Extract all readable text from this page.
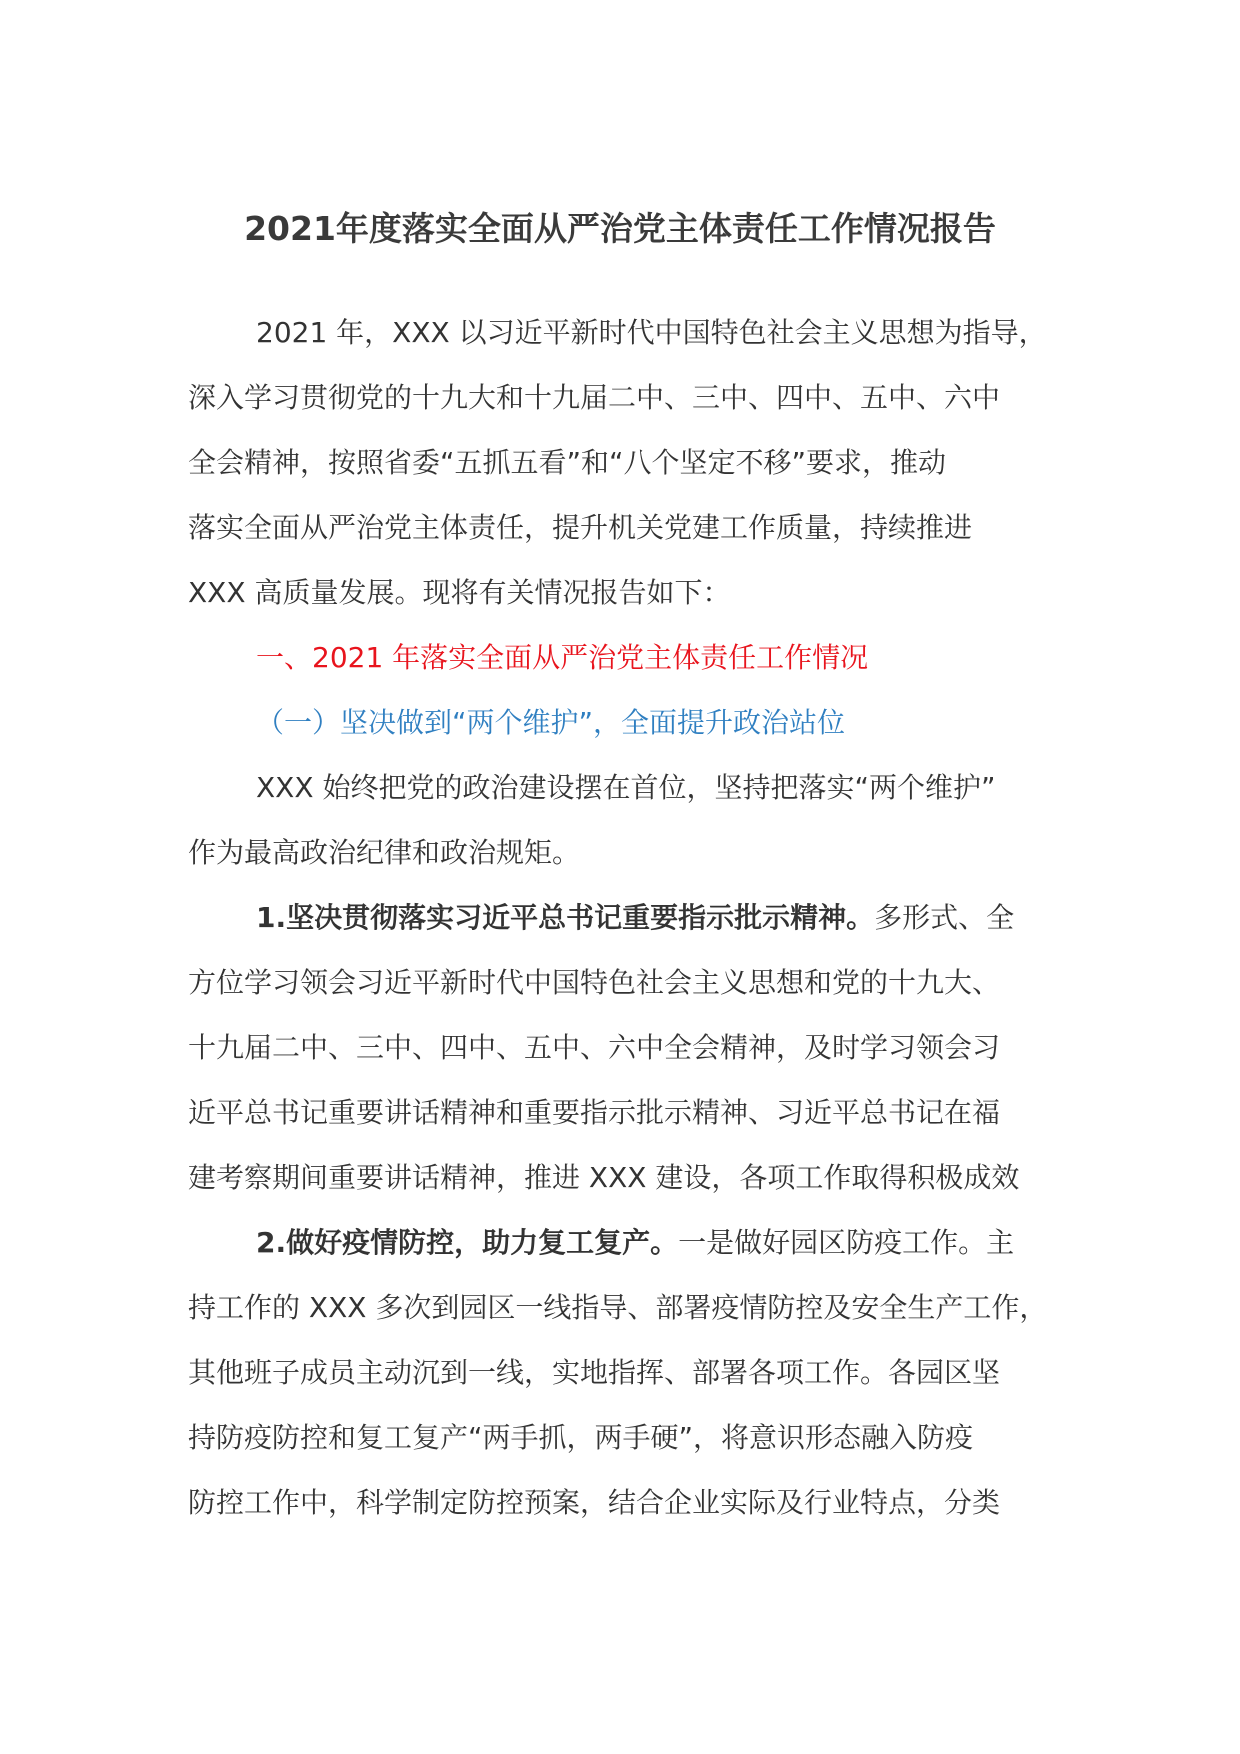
2021年度落实全面从严治党主体责任工作情况报告
2021 年，XXX 以习近平新时代中国特色社会主义思想为指导，
深入学习贯彻党的十九大和十九届二中、三中、四中、五中、六中
全会精神，按照省委“五抓五看”和“八个坚定不移”要求，推动
落实全面从严治党主体责任，提升机关党建工作质量，持续推进
XXX 高质量发展。现将有关情况报告如下：
一、2021 年落实全面从严治党主体责任工作情况
（一）坚决做到“两个维护”，全面提升政治站位
XXX 始终把党的政治建设摆在首位，坚持把落实“两个维护”
作为最高政治纪律和政治规矩。
1.坚决贯彻落实习近平总书记重要指示批示精神。多形式、全
方位学习领会习近平新时代中国特色社会主义思想和党的十九大、
十九届二中、三中、四中、五中、六中全会精神，及时学习领会习
近平总书记重要讲话精神和重要指示批示精神、习近平总书记在福
建考察期间重要讲话精神，推进 XXX 建设，各项工作取得积极成效
2.做好疫情防控，助力复工复产。一是做好园区防疫工作。主
持工作的 XXX 多次到园区一线指导、部署疫情防控及安全生产工作，
其他班子成员主动沉到一线，实地指挥、部署各项工作。各园区坚
持防疫防控和复工复产“两手抓，两手硬”，将意识形态融入防疫
防控工作中，科学制定防控预案，结合企业实际及行业特点，分类
